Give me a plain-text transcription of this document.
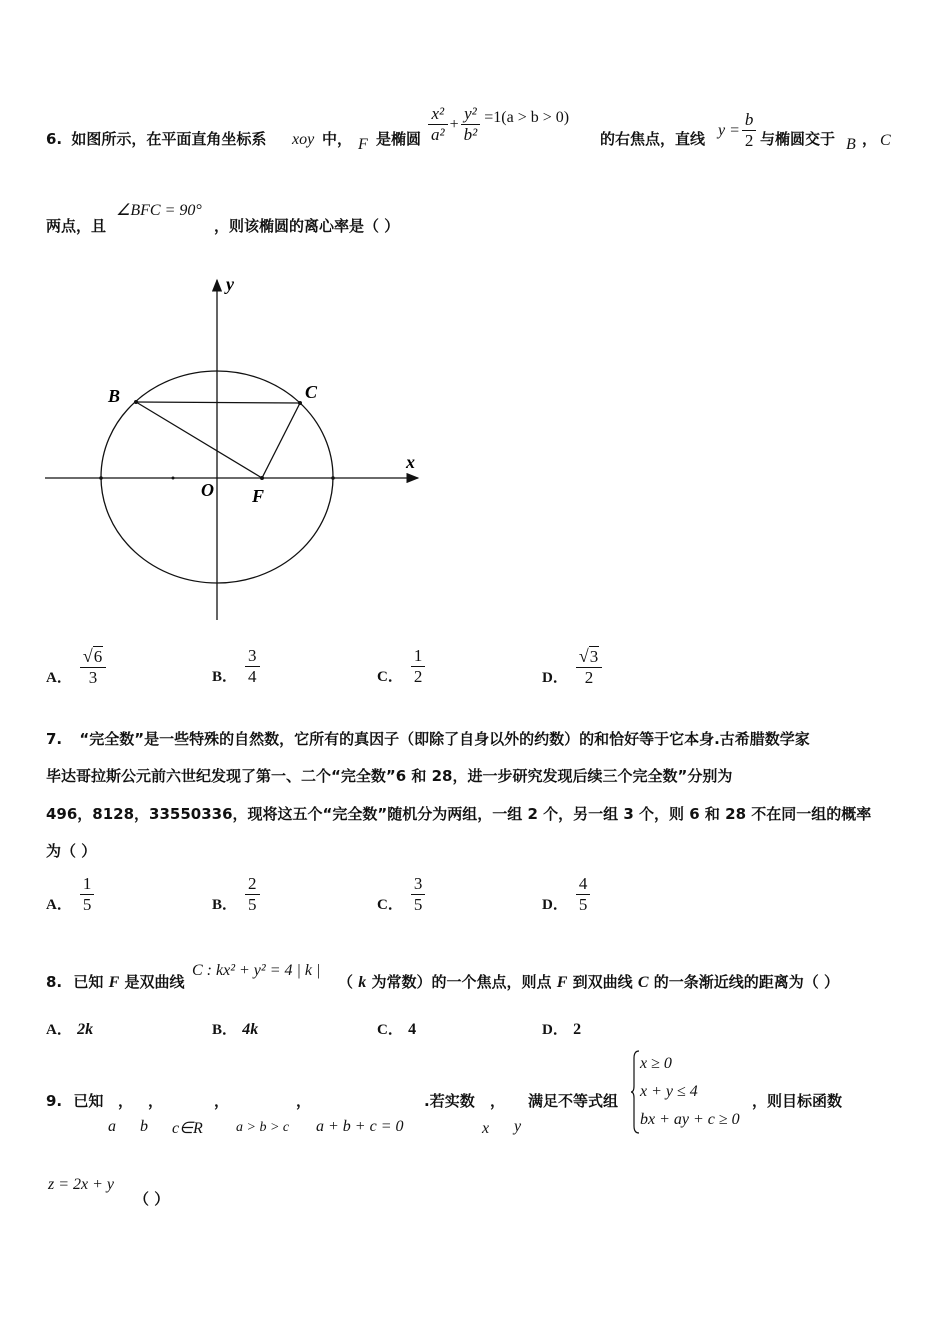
6. 如图所示，在平面直角坐标系 xoy 中， F 是椭圆 $\frac{\text{x²}}{\text{a²}} + \frac{\text{y²}}{\text{b²}} =1(a > b > 0)$
的右焦点，直线 $y = \frac{b}{2}$ 与椭圆交于 B ， C
两点，且
∠BFC = 90°
，则该椭圆的离心率是（ ）
y
x
O
B	C
F
A． $\frac{√ 6}{3}$	B． $\frac{3}{4}$	C． $\frac{1}{2}$	D． $\frac{√ 3}{2}$
7. “完全数”是一些特殊的自然数，它所有的真因子（即除了自身以外的约数）的和恰好等于它本身.古希腊数学家
毕达哥拉斯公元前六世纪发现了第一、二个“完全数”6 和 28，进一步研究发现后续三个完全数”分别为
496，8128，33550336，现将这五个“完全数”随机分为两组，一组 2 个，另一组 3 个，则 6 和 28 不在同一组的概率
为（ ）
A． $\frac{1}{5}$	B． $\frac{2}{5}$	C． $\frac{3}{5}$	D． $\frac{4}{5}$
8. 已知 F 是双曲线
C : kx² + y² = 4 | k |
（ k 为常数）的一个焦点，则点 F 到双曲线 C 的一条渐近线的距离为（ ）
A． 2k	B． 4k	C． 4	D． 2
9. 已知 ， ，	，	，	.若实数 ， 满足不等式组
a b c∈R a > b > c a + b + c = 0	x y
x ≥ 0
x + y ≤ 4
bx + ay + c ≥ 0
，则目标函数
z = 2x + y
（ ）
